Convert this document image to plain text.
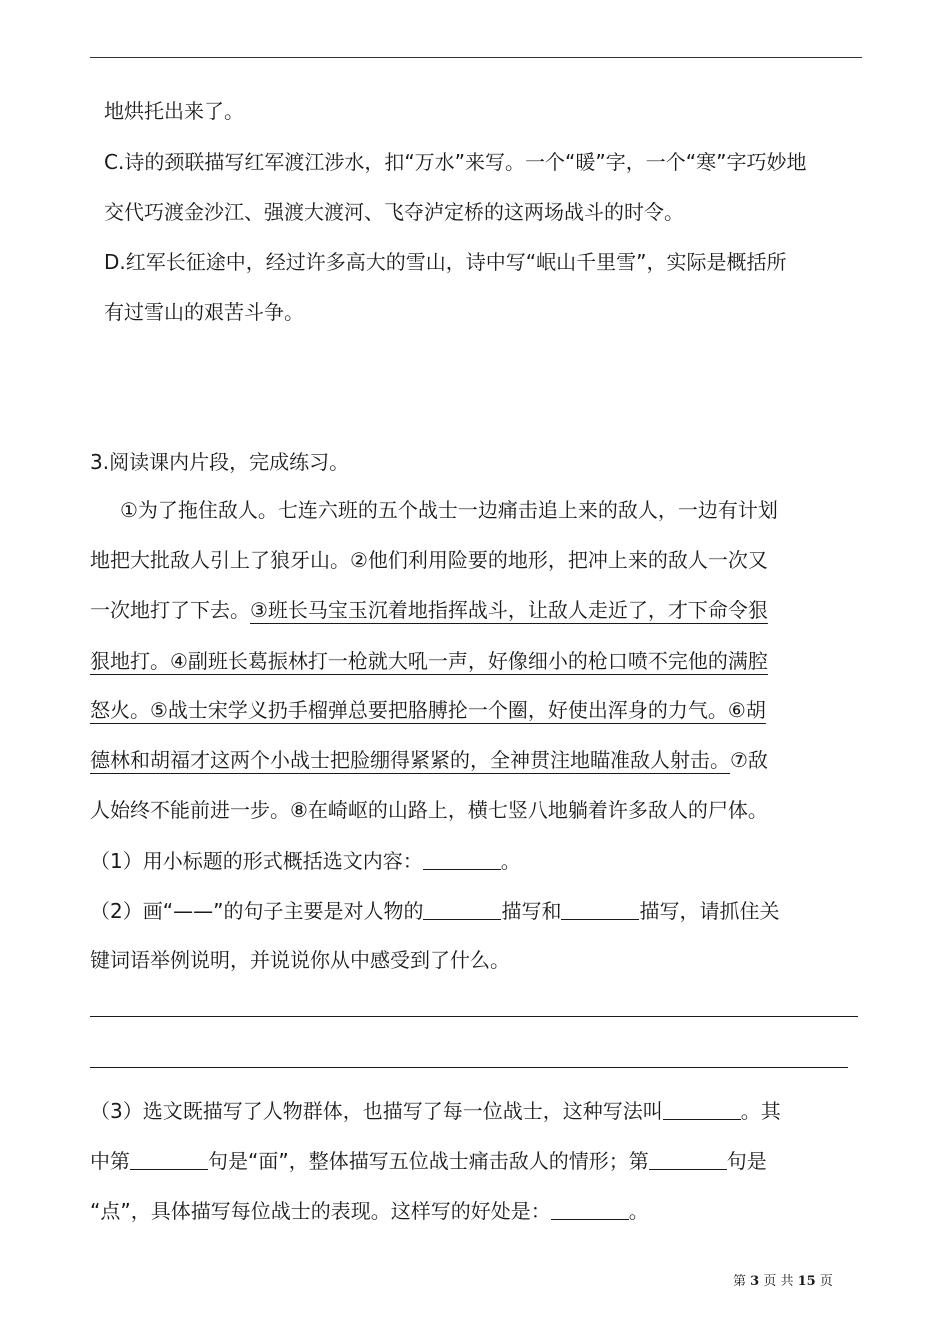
地烘托出来了。
C.诗的颈联描写红军渡江涉水，扣“万水”来写。一个“暖”字，一个“寒”字巧妙地
交代巧渡金沙江、强渡大渡河、飞夺泸定桥的这两场战斗的时令。
D.红军长征途中，经过许多高大的雪山，诗中写“岷山千里雪”，实际是概括所
有过雪山的艰苦斗争。
3.阅读课内片段，完成练习。
①为了拖住敌人。七连六班的五个战士一边痛击追上来的敌人，一边有计划
地把大批敌人引上了狼牙山。②他们利用险要的地形，把冲上来的敌人一次又
一次地打了下去。③班长马宝玉沉着地指挥战斗，让敌人走近了，才下命令狠
狠地打。④副班长葛振林打一枪就大吼一声，好像细小的枪口喷不完他的满腔
怒火。⑤战士宋学义扔手榴弹总要把胳膊抡一个圈，好使出浑身的力气。⑥胡
德林和胡福才这两个小战士把脸绷得紧紧的，全神贯注地瞄准敌人射击。⑦敌
人始终不能前进一步。⑧在崎岖的山路上，横七竖八地躺着许多敌人的尸体。
（1）用小标题的形式概括选文内容：	。
（2）画“——”的句子主要是对人物的	描写和	描写，请抓住关
键词语举例说明，并说说你从中感受到了什么。
（3）选文既描写了人物群体，也描写了每一位战士，这种写法叫	。其
中第	句是“面”，整体描写五位战士痛击敌人的情形；第	句是
“点”，具体描写每位战士的表现。这样写的好处是：	。
第 3 页 共 15 页
